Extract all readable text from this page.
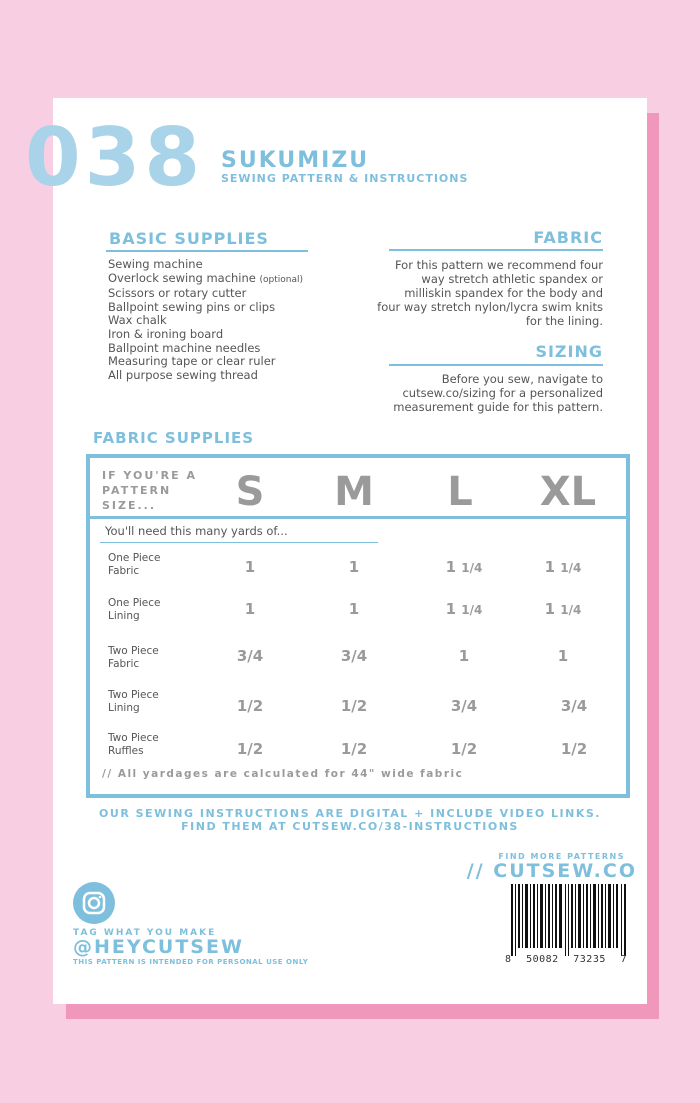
038 SUKUMIZU
SEWING PATTERN & INSTRUCTIONS
BASIC SUPPLIES
Sewing machine
Overlock sewing machine (optional)
Scissors or rotary cutter
Ballpoint sewing pins or clips
Wax chalk
Iron & ironing board
Ballpoint machine needles
Measuring tape or clear ruler
All purpose sewing thread
FABRIC
For this pattern we recommend four
way stretch athletic spandex or
milliskin spandex for the body and
four way stretch nylon/lycra swim knits
for the lining.
SIZING
Before you sew, navigate to
cutsew.co/sizing for a personalized
measurement guide for this pattern.
FABRIC SUPPLIES
IF YOU'RE A
PATTERN
SIZE...	S	M	L	XL
You'll need this many yards of...
One Piece
Fabric	1	1	1 1/4	1 1/4
One Piece
Lining	1	1	1 1/4	1 1/4
Two Piece
Fabric	3/4	3/4	1	1
Two Piece
Lining	1/2	1/2	3/4	3/4
Two Piece
Ruffles	1/2	1/2	1/2	1/2
// All yardages are calculated for 44" wide fabric
OUR SEWING INSTRUCTIONS ARE DIGITAL + INCLUDE VIDEO LINKS.
FIND THEM AT CUTSEW.CO/38-INSTRUCTIONS
FIND MORE PATTERNS
// CUTSEW.CO
8 50082 73235 7
TAG WHAT YOU MAKE
@HEYCUTSEW
THIS PATTERN IS INTENDED FOR PERSONAL USE ONLY
